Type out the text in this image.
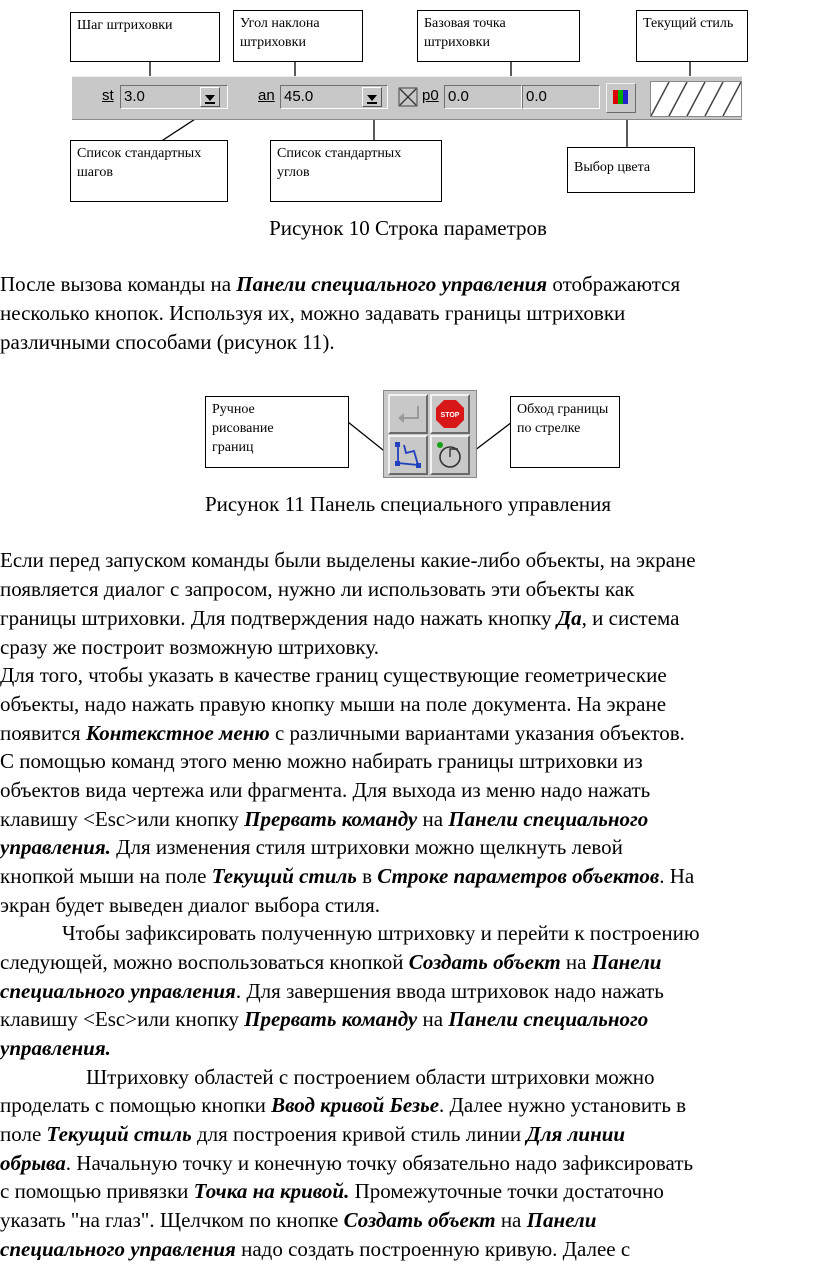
Шаг штриховки	Угол наклона штриховки
Базовая точка штриховки
Текущий стиль
st 3.0	an 45.0	p0 0.0	0.0
Список стандартных шагов
Список стандартных углов	Выбор цвета
Рисунок 10 Строка параметров
После вызова команды на Панели специального управления отображаются
несколько кнопок. Используя их, можно задавать границы штриховки
различными способами (рисунок 11).
Ручное рисование границ
Обход границы по стрелке
STOP
Рисунок 11 Панель специального управления
Если перед запуском команды были выделены какие-либо объекты, на экране
появляется диалог с запросом, нужно ли использовать эти объекты как
границы штриховки. Для подтверждения надо нажать кнопку Да, и система
сразу же построит возможную штриховку.
Для того, чтобы указать в качестве границ существующие геометрические
объекты, надо нажать правую кнопку мыши на поле документа. На экране
появится Контекстное меню с различными вариантами указания объектов.
С помощью команд этого меню можно набирать границы штриховки из
объектов вида чертежа или фрагмента. Для выхода из меню надо нажать
клавишу <Esc>или кнопку Прервать команду на Панели специального
управления. Для изменения стиля штриховки можно щелкнуть левой
кнопкой мыши на поле Текущий стиль в Строке параметров объектов. На
экран будет выведен диалог выбора стиля.
Чтобы зафиксировать полученную штриховку и перейти к построению
следующей, можно воспользоваться кнопкой Создать объект на Панели
специального управления. Для завершения ввода штриховок надо нажать
клавишу <Esc>или кнопку Прервать команду на Панели специального
управления.
Штриховку областей с построением области штриховки можно
проделать с помощью кнопки Ввод кривой Безье. Далее нужно установить в
поле Текущий стиль для построения кривой стиль линии Для линии
обрыва. Начальную точку и конечную точку обязательно надо зафиксировать
с помощью привязки Точка на кривой. Промежуточные точки достаточно
указать "на глаз". Щелчком по кнопке Создать объект на Панели
специального управления надо создать построенную кривую. Далее с
